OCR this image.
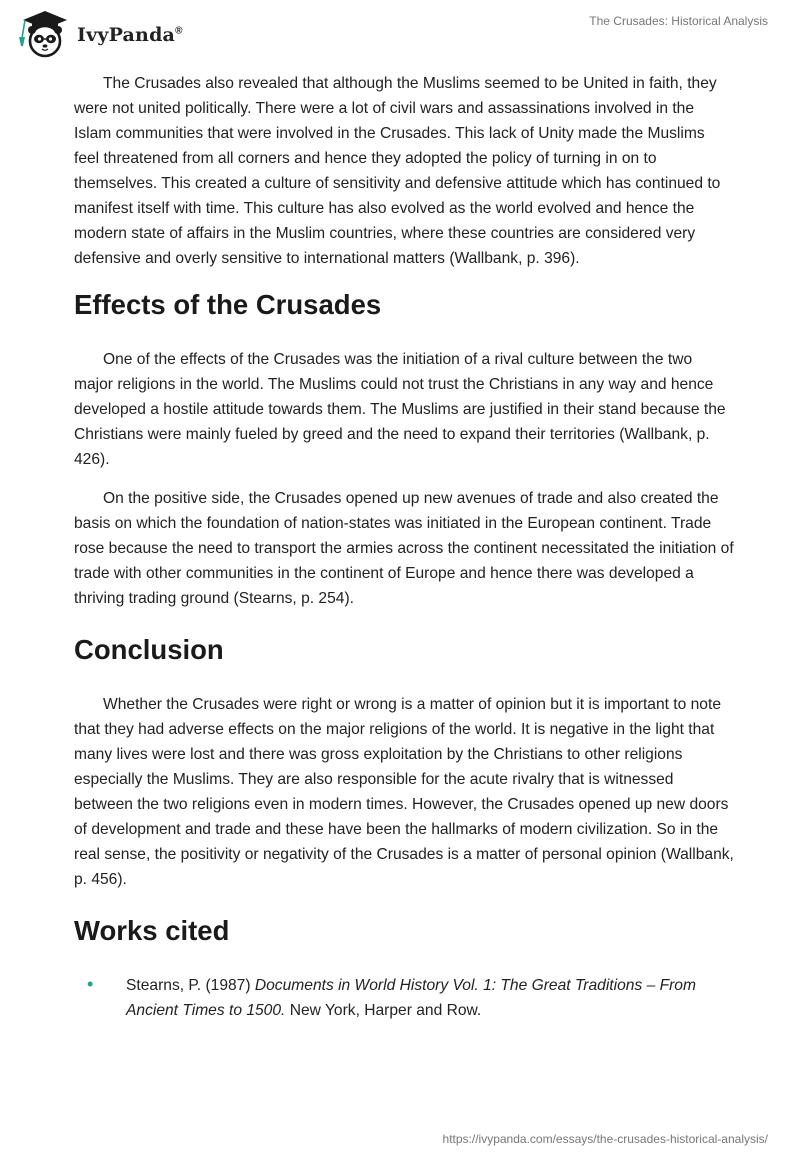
IvyPanda®
The Crusades: Historical Analysis

The Crusades also revealed that although the Muslims seemed to be United in faith, they were not united politically. There were a lot of civil wars and assassinations involved in the Islam communities that were involved in the Crusades. This lack of Unity made the Muslims feel threatened from all corners and hence they adopted the policy of turning in on to themselves. This created a culture of sensitivity and defensive attitude which has continued to manifest itself with time. This culture has also evolved as the world evolved and hence the modern state of affairs in the Muslim countries, where these countries are considered very defensive and overly sensitive to international matters (Wallbank, p. 396).

Effects of the Crusades

One of the effects of the Crusades was the initiation of a rival culture between the two major religions in the world. The Muslims could not trust the Christians in any way and hence developed a hostile attitude towards them. The Muslims are justified in their stand because the Christians were mainly fueled by greed and the need to expand their territories (Wallbank, p. 426).

On the positive side, the Crusades opened up new avenues of trade and also created the basis on which the foundation of nation-states was initiated in the European continent. Trade rose because the need to transport the armies across the continent necessitated the initiation of trade with other communities in the continent of Europe and hence there was developed a thriving trading ground (Stearns, p. 254).

Conclusion

Whether the Crusades were right or wrong is a matter of opinion but it is important to note that they had adverse effects on the major religions of the world. It is negative in the light that many lives were lost and there was gross exploitation by the Christians to other religions especially the Muslims. They are also responsible for the acute rivalry that is witnessed between the two religions even in modern times. However, the Crusades opened up new doors of development and trade and these have been the hallmarks of modern civilization. So in the real sense, the positivity or negativity of the Crusades is a matter of personal opinion (Wallbank, p. 456).

Works cited
• Stearns, P. (1987) Documents in World History Vol. 1: The Great Traditions – From Ancient Times to 1500. New York, Harper and Row.
https://ivypanda.com/essays/the-crusades-historical-analysis/
